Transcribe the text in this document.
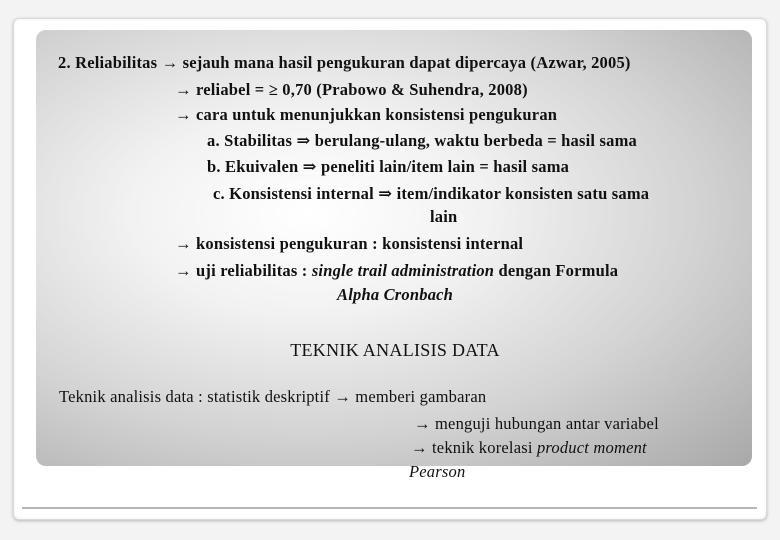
2. Reliabilitas → sejauh mana hasil pengukuran dapat dipercaya (Azwar, 2005)

→ reliabel = ≥ 0,70 (Prabowo & Suhendra, 2008)

→ cara untuk menunjukkan konsistensi pengukuran

a. Stabilitas ⇒ berulang-ulang, waktu berbeda = hasil sama

b. Ekuivalen ⇒ peneliti lain/item lain = hasil sama

c. Konsistensi internal ⇒ item/indikator konsisten satu sama

lain

→ konsistensi pengukuran : konsistensi internal

→ uji reliabilitas : single trail administration dengan Formula

Alpha Cronbach

TEKNIK ANALISIS DATA

Teknik analisis data : statistik deskriptif → memberi gambaran

→ menguji hubungan antar variabel

→ teknik korelasi product moment

Pearson
